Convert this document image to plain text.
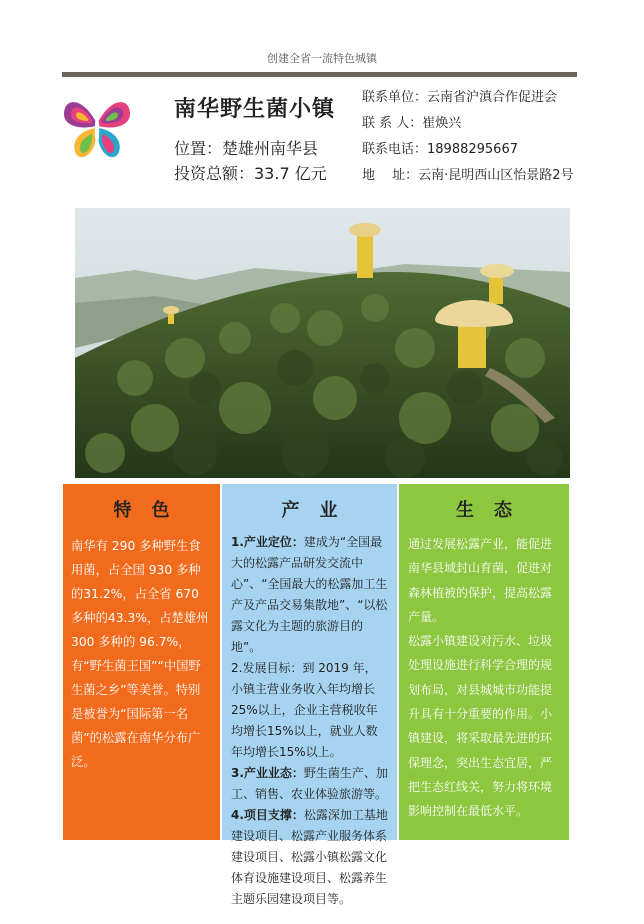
创建全省一流特色城镇
南华野生菌小镇
位置：楚雄州南华县
投资总额：33.7 亿元
联系单位：云南省沪滇合作促进会
联 系 人：崔焕兴
联系电话：18988295667
地　 址：云南·昆明西山区怡景路2号
特色
南华有 290 多种野生食用菌，占全国 930 多种的31.2%，占全省 670 多种的43.3%，占楚雄州 300 多种的 96.7%，有“野生菌王国”“中国野生菌之乡”等美誉。特别是被誉为“国际第一名菌”的松露在南华分布广泛。
产业
1.产业定位：建成为“全国最大的松露产品研发交流中心”、“全国最大的松露加工生产及产品交易集散地”、“以松露文化为主题的旅游目的地”。
2.发展目标：到 2019 年，小镇主营业务收入年均增长 25%以上，企业主营税收年均增长15%以上，就业人数年均增长15%以上。
3.产业业态：野生菌生产、加工、销售、农业体验旅游等。
4.项目支撑：松露深加工基地建设项目、松露产业服务体系建设项目、松露小镇松露文化体育设施建设项目、松露养生主题乐园建设项目等。
生态
通过发展松露产业，能促进南华县域封山育菌，促进对森林植被的保护，提高松露产量。
松露小镇建设对污水、垃圾处理设施进行科学合理的规划布局，对县城城市功能提升具有十分重要的作用。小镇建设，将采取最先进的环保理念，突出生态宜居，严把生态红线关，努力将环境影响控制在最低水平。
